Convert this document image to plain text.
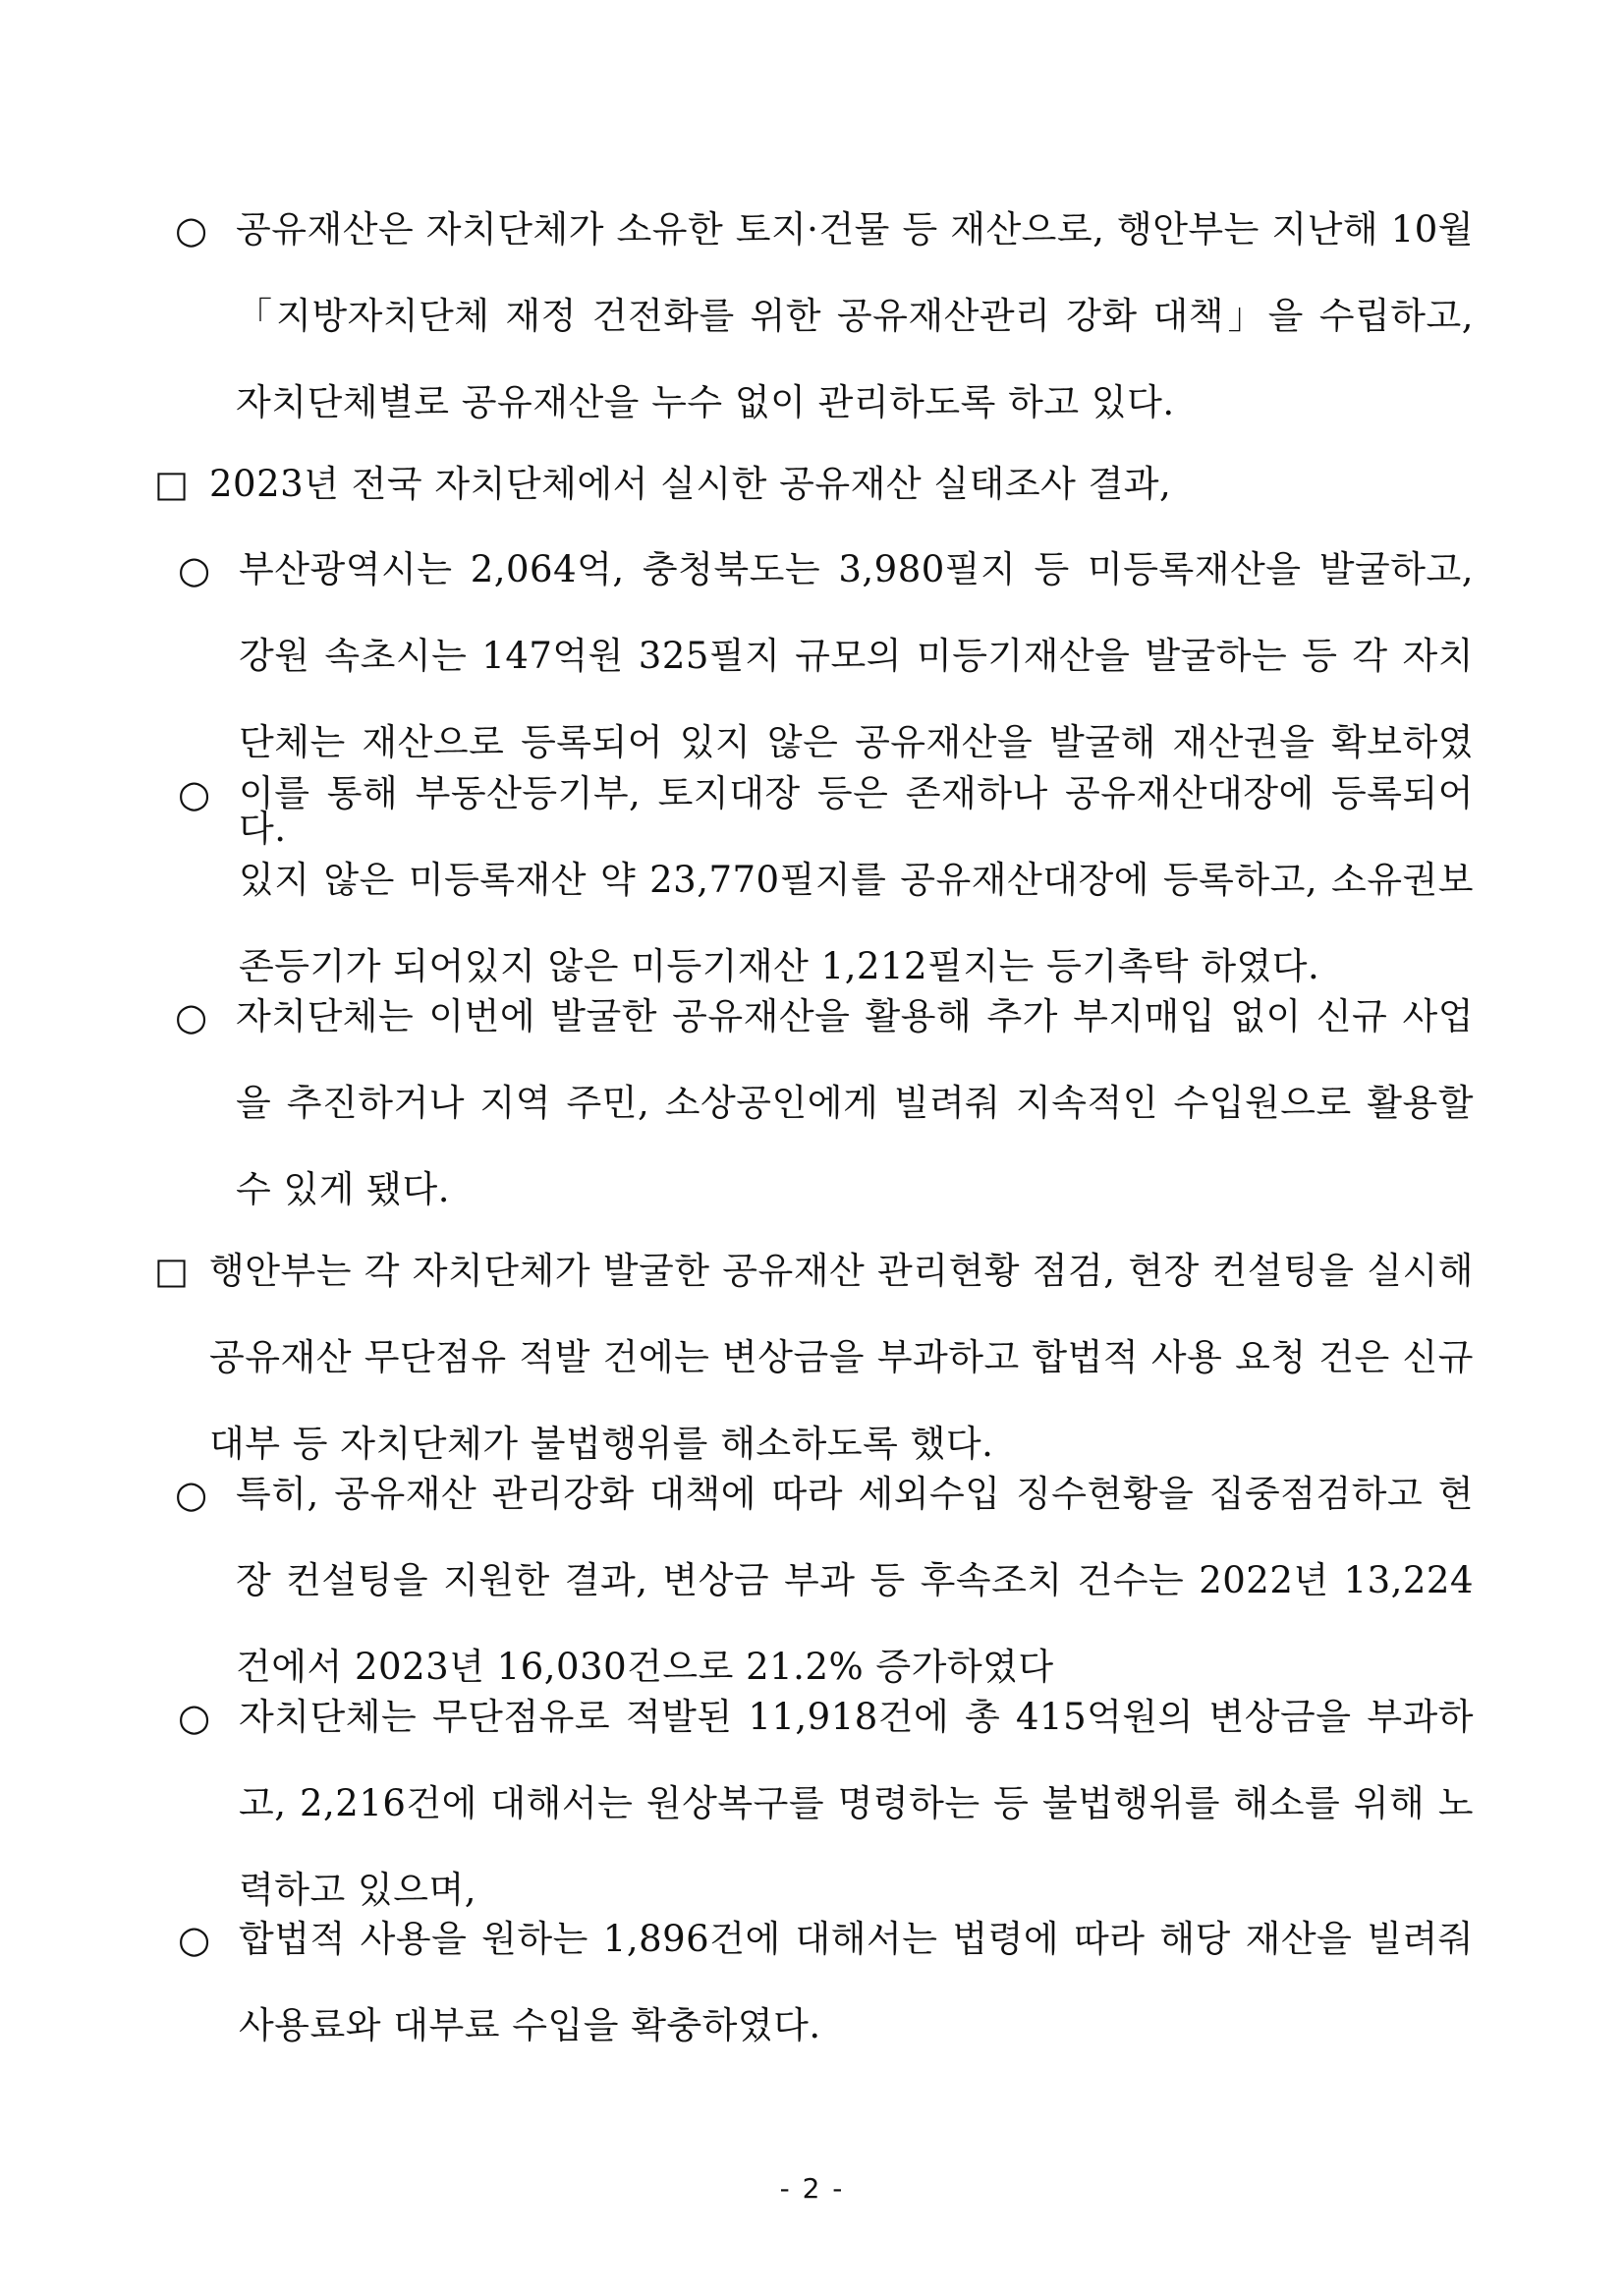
○ 공유재산은 자치단체가 소유한 토지·건물 등 재산으로, 행안부는 지난해 10월 「지방자치단체 재정 건전화를 위한 공유재산관리 강화 대책」을 수립하고, 자치단체별로 공유재산을 누수 없이 관리하도록 하고 있다.
□ 2023년 전국 자치단체에서 실시한 공유재산 실태조사 결과,
○ 부산광역시는 2,064억, 충청북도는 3,980필지 등 미등록재산을 발굴하고, 강원 속초시는 147억원 325필지 규모의 미등기재산을 발굴하는 등 각 자치단체는 재산으로 등록되어 있지 않은 공유재산을 발굴해 재산권을 확보하였다.
○ 이를 통해 부동산등기부, 토지대장 등은 존재하나 공유재산대장에 등록되어 있지 않은 미등록재산 약 23,770필지를 공유재산대장에 등록하고, 소유권보존등기가 되어있지 않은 미등기재산 1,212필지는 등기촉탁 하였다.
○ 자치단체는 이번에 발굴한 공유재산을 활용해 추가 부지매입 없이 신규 사업을 추진하거나 지역 주민, 소상공인에게 빌려줘 지속적인 수입원으로 활용할 수 있게 됐다.
□ 행안부는 각 자치단체가 발굴한 공유재산 관리현황 점검, 현장 컨설팅을 실시해 공유재산 무단점유 적발 건에는 변상금을 부과하고 합법적 사용 요청 건은 신규 대부 등 자치단체가 불법행위를 해소하도록 했다.
○ 특히, 공유재산 관리강화 대책에 따라 세외수입 징수현황을 집중점검하고 현장 컨설팅을 지원한 결과, 변상금 부과 등 후속조치 건수는 2022년 13,224건에서 2023년 16,030건으로 21.2% 증가하였다
○ 자치단체는 무단점유로 적발된 11,918건에 총 415억원의 변상금을 부과하고, 2,216건에 대해서는 원상복구를 명령하는 등 불법행위를 해소를 위해 노력하고 있으며,
○ 합법적 사용을 원하는 1,896건에 대해서는 법령에 따라 해당 재산을 빌려줘 사용료와 대부료 수입을 확충하였다.
- 2 -
